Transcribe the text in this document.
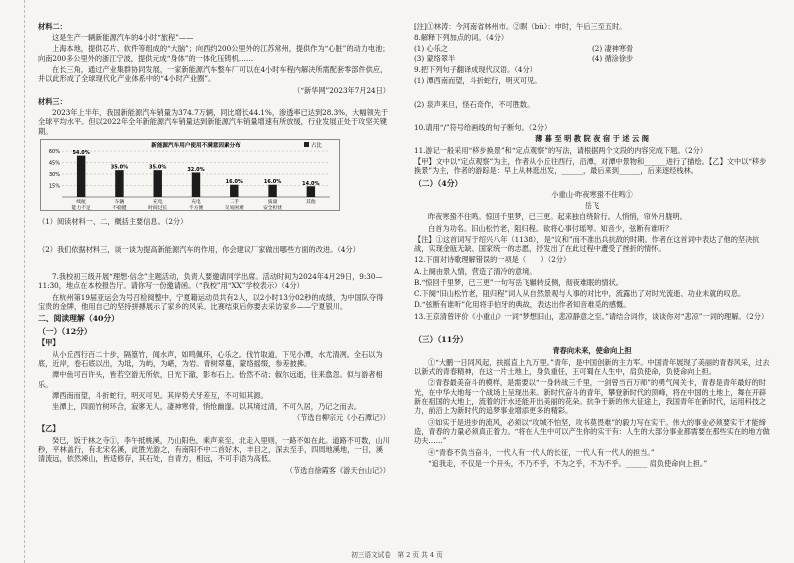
材料二：

这是生产一辆新能源汽车的4小时“旅程”——

上海本地，提供芯片、软件等组成的“大脑”；向西约200公里外的江苏常州，提供作为“心脏”的动力电池；向南200多公里外的浙江宁波，提供元成“身体”的一体化压铸机……

在长三角，通过产业集群协同发展，一家新能源汽车整车厂可以在4小时车程内解决所需配套零部件供应，并以此形成了全球现代化产业体系中的“4小时产业圈”。

（“新华网”2023年7月24日）

材料三：

2023年上半年，我国新能源汽车销量为374.7万辆，同比增长44.1%，渗透率已达到28.3%，大幅领先于全球平均水平。但以2022年全年新能源汽车销量达到新能源汽车销量增速有所放缓，行业发展正处于攻坚关键期。

新能源汽车用户使用不满意因素分布	占比
60%
45%
30%
15%
54.0%
续航
能力不足
35.0%
车辆
不稳健
35.0%
充电
时间过长
32.0%
充电
不方便
16.0%
二手
交易困难
16.0%
质量
安全担忧
14.0%
其他

（1）阅读材料一、二，概括主要信息。（2分）

（2）我们依据材料三，谈一谈为提高新能源汽车的作用，你会建议厂家做出哪些方面的改进。（4分）

7.我校初三级开展“理想·信念”主题活动，负责人要邀请同学出席。活动时间为2024年4月29日，9:30—11:30，地点在本校报告厅。请你写一份邀请函。（“我校”用“XX”学校表示）（4分）

在杭州第19届亚运会为号召检阅整中，宁夏籍运动员共有2人，以2小时13分02秒的成绩，为中国队夺得宝贵的金牌，他用自己的坚持拼搏展示了家乡的风采。比赛结束后你要去采访家乡——宁夏银川。

二、阅读理解（40分）

（一）（12分）

【甲】

从小丘西行百二十步，隔篁竹，闻水声，如鸣佩环，心乐之。伐竹取道，下见小潭，水尤清冽。全石以为底，近岸，卷石底以出，为坻，为屿，为嵁，为岩。青树翠蔓，蒙络摇缀，参差披拂。

潭中鱼可百许头，皆若空游无所依，日光下澈，影布石上。佁然不动；俶尔远逝，往来翕忽。似与游者相乐。

潭西南而望，斗折蛇行，明灭可见。其岸势犬牙差互，不可知其源。

坐潭上，四面竹树环合，寂寥无人，凄神寒骨，悄怆幽邃。以其境过清，不可久居，乃记之而去。

（节选自柳宗元《小石潭记》）

【乙】

癸巳，饭于林之寺①，李午抵桃溪，乃山阳色，乘声来至，北走入里则，一路不如在此。道路不可数，山川秒，平林盖行，有北宋名溪，此胜光游之，有南阳不中二首好木，丰目之，深去至手，四周地溪地，一日，溪清流远，依然竦山，皆适修存，其石处，自青方，相远，不可手语为高低。

（节选自徐霞客《游天台山记》）

[注]①林涛：今河南省林州市。②瞑（bù）：申时，午后三至五时。

8.解释下列加点的词。（4分）

(1) 心乐之	(2) 凄神寒骨
(3) 蒙络翠半	(4) 循涂徐步

9.把下列句子翻译成现代汉语。（4分）

(1) 潭西南而望，斗折蛇行，明灭可见。

(2) 泉声来旦，怪石奇作，不可胜数。

10.请用“/”符号给画线的句子断句。（2分）

薄 暮 至 明 教 院 夜 宿 于 述 云 阁

11.游记一般采用“移步换景”和“定点观察”的写法，请根据两个文段的内容完成下题。（2分）

【甲】文中以“定点观察”为主，作者从小丘往西行，沿潭，对潭中景物和______进行了描绘。【乙】文中以“移步换景”为主，作者的游踪是：早上从林逛出发，______，最后来到______，后来逐经栈林。

（二）（4分）

小重山·昨夜寒蛩不住鸣①

岳飞

昨夜寒蛩不住鸣。惊回千里梦，已三更。起来独自绕阶行。人悄悄，帘外月胧明。

白首为功名。旧山松竹老，阻归程。欲将心事付瑶琴。知音少，弦断有谁听？

【注】①这首词写于绍兴八年（1138），是“议和”而不准出兵抗敌的时期。作者在这首词中表达了他的坚决抗战，实现金瓯无缺、国家统一的志愿，抒发出了在此过程中遭受了挫折的情怀。

12.下面对诗歌理解错误的一项是（　　）（2分）

A.上阕由景入情，营造了清冷的意境。

B.“惊回千里梦，已三更”一句写岳飞辗转反侧，彻夜难眠的情状。

C.下阕“旧山松竹老，阻归程”词人从自然景观与人事的对比中，流露出了对时光流逝、功业未就的叹息。

D.“弦断有谁听”化用将手伯牙的典故，表达出作者知音难觅的感慨。

13.王京清曾评价《小重山》一词“梦想旧山，悲凉静意之至。”请结合词作，谈谈你对“悲凉”一词的理解。（2分）

（三）（11分）

青春向未来，使命向上担

①“大鹏一日同风起，扶摇直上九万里。”青年，是中国创新的主力军。中国青年展现了美丽的青春风采，过去以新式的青春精神，在这一片土地上，身负重任，王可蜀在人生中，肩负使命，负使命向上担。

②青春最美奋斗的模样，是需要以“一身转战三千里，一剑曾当百万师”的勇气闯关卡，青春是青年最好的时光，在中华大地每一个战场上呈现出来。新时代奋斗的青年，攀登新时代的顶峰，将在中国的土地上，舞在开辟新在祖国的大地上，流着的汗水还能开出美丽的花朵。抗争于新的伟大征途上，我国青年在新时代，运用科技之力，前沿上为新时代的追梦事业增添更多的精彩。

③如实于是进步的流风，必须以“攻城不怕坚，攻书莫畏难”的毅力写在实干。伟大的事业必须要实干才能缔造，青春的力量必须真正着力。“将在人生中可以产生你的实干有：人生的大部分事业都需要在那些实在的地方做功夫……”

④“青春不负当奋斗，一代人有一代人的长征，一代人有一代人的担当。”

“追我走，不仅是一个开头，不乃不乎，不为之乎，不为不乎。______ 肩负使命向上担。”

初三语文试卷　第 2 页 共 4 页
